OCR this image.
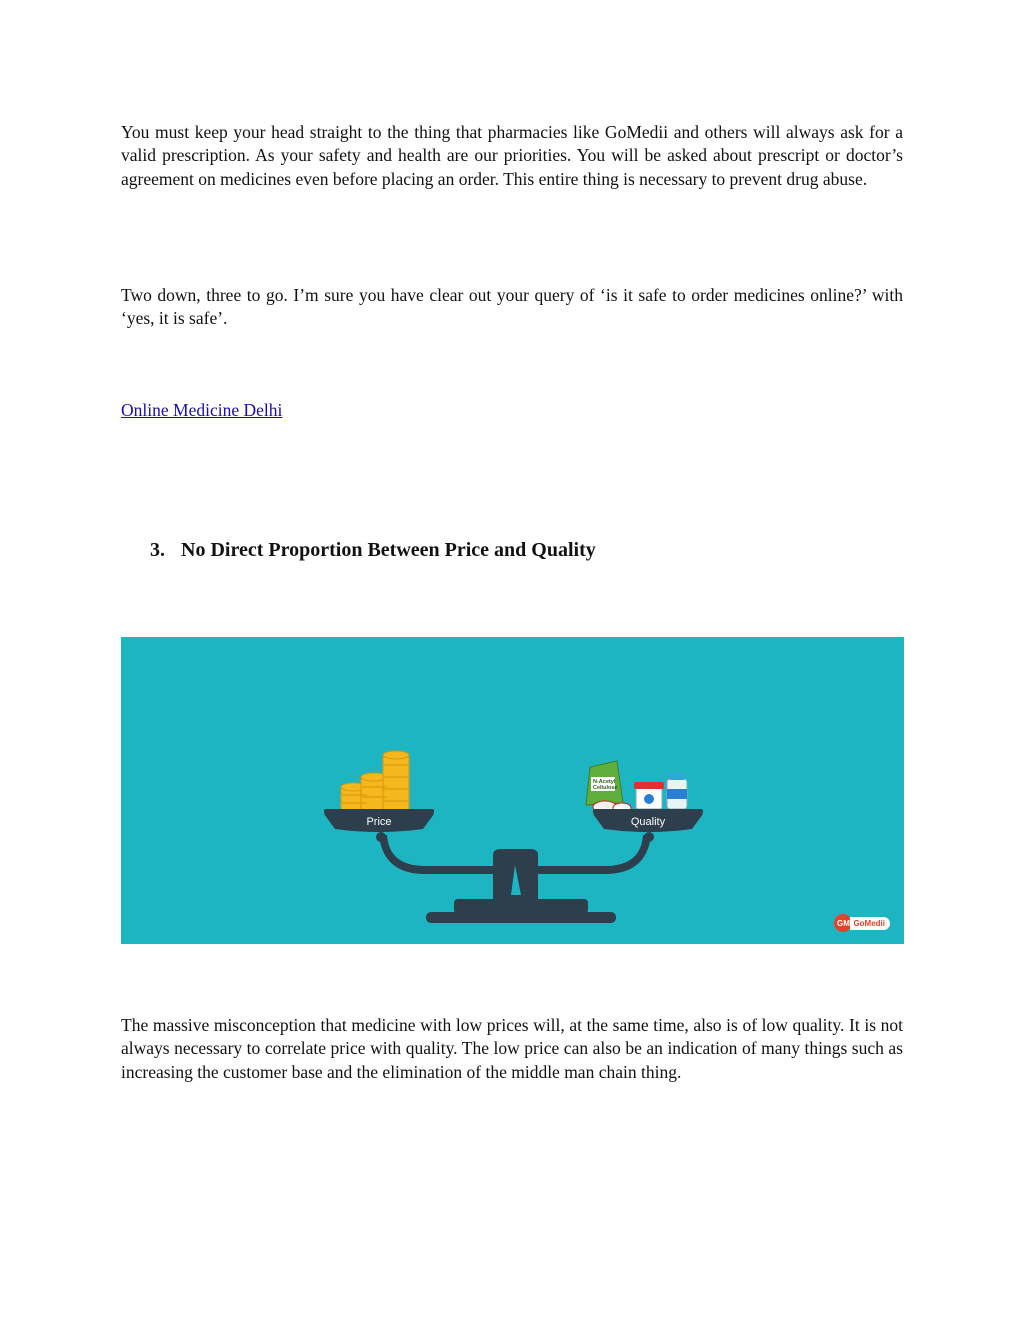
You must keep your head straight to the thing that pharmacies like GoMedii and others will always ask for a valid prescription. As your safety and health are our priorities. You will be asked about prescript or doctor’s agreement on medicines even before placing an order. This entire thing is necessary to prevent drug abuse.

Two down, three to go. I’m sure you have clear out your query of ‘is it safe to order medicines online?’ with ‘yes, it is safe’.

Online Medicine Delhi
3. No Direct Proportion Between Price and Quality
Price
N-Acetyl
Cellulose
Quality
GM GoMedii

The massive misconception that medicine with low prices will, at the same time, also is of low quality. It is not always necessary to correlate price with quality. The low price can also be an indication of many things such as increasing the customer base and the elimination of the middle man chain thing.
